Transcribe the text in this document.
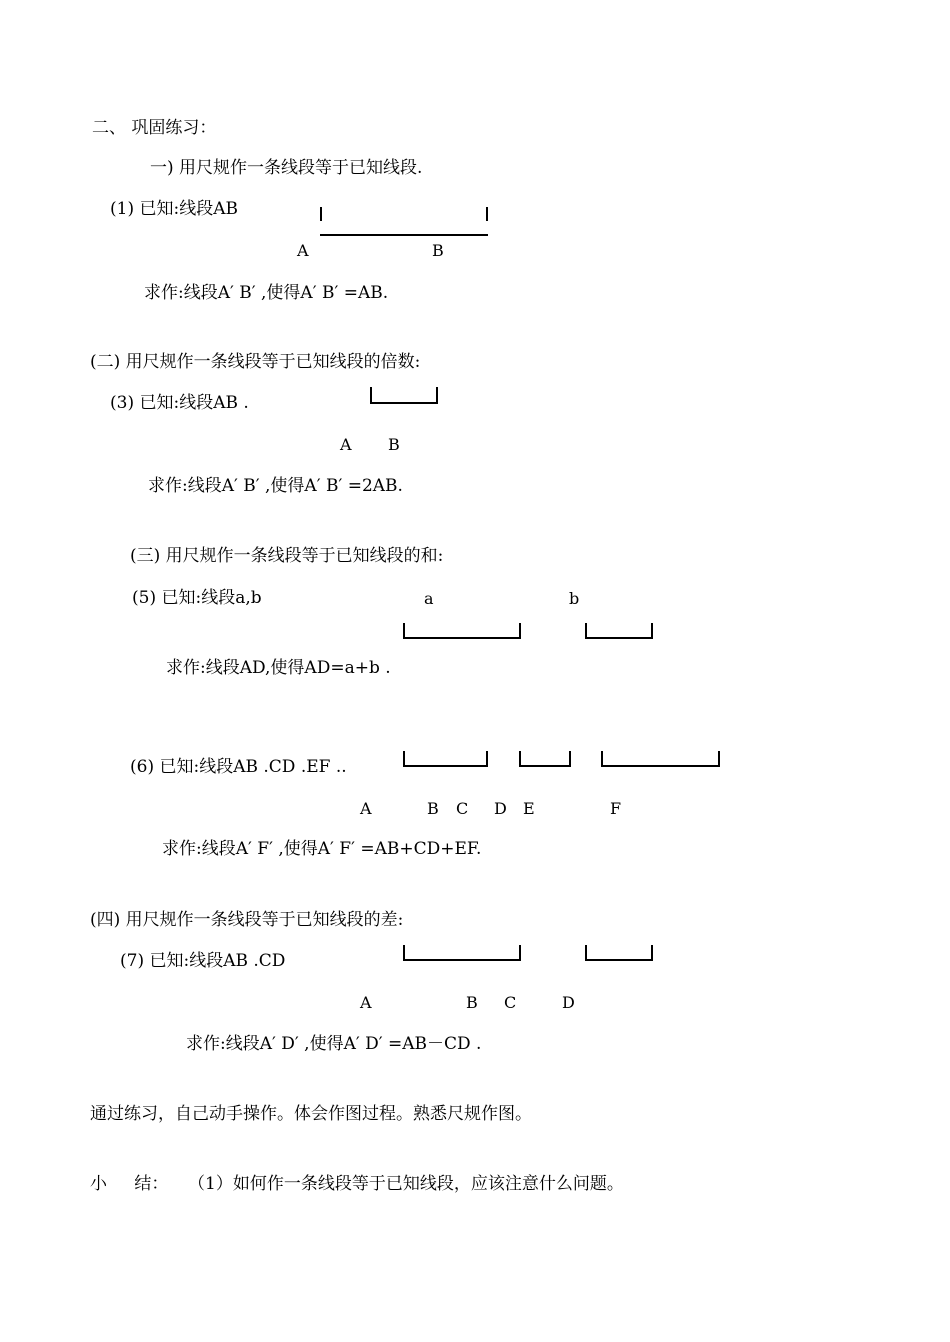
二、 巩固练习：
一) 用尺规作一条线段等于已知线段.
(1) 已知:线段AB
A	B
求作:线段A′ B′ ,使得A′ B′ =AB.
(二) 用尺规作一条线段等于已知线段的倍数:
(3) 已知:线段AB .
A B
求作:线段A′ B′ ,使得A′ B′ =2AB.
(三) 用尺规作一条线段等于已知线段的和:
(5) 已知:线段a,b	a	b
求作:线段AD,使得AD=a+b .
(6) 已知:线段AB .CD .EF ..
A	B C D E	F
求作:线段A′ F′ ,使得A′ F′ =AB+CD+EF.
(四) 用尺规作一条线段等于已知线段的差:
(7) 已知:线段AB .CD
A	B C	D
求作:线段A′ D′ ,使得A′ D′ =AB－CD .
通过练习，自己动手操作。体会作图过程。熟悉尺规作图。
小 结： （1）如何作一条线段等于已知线段，应该注意什么问题。
